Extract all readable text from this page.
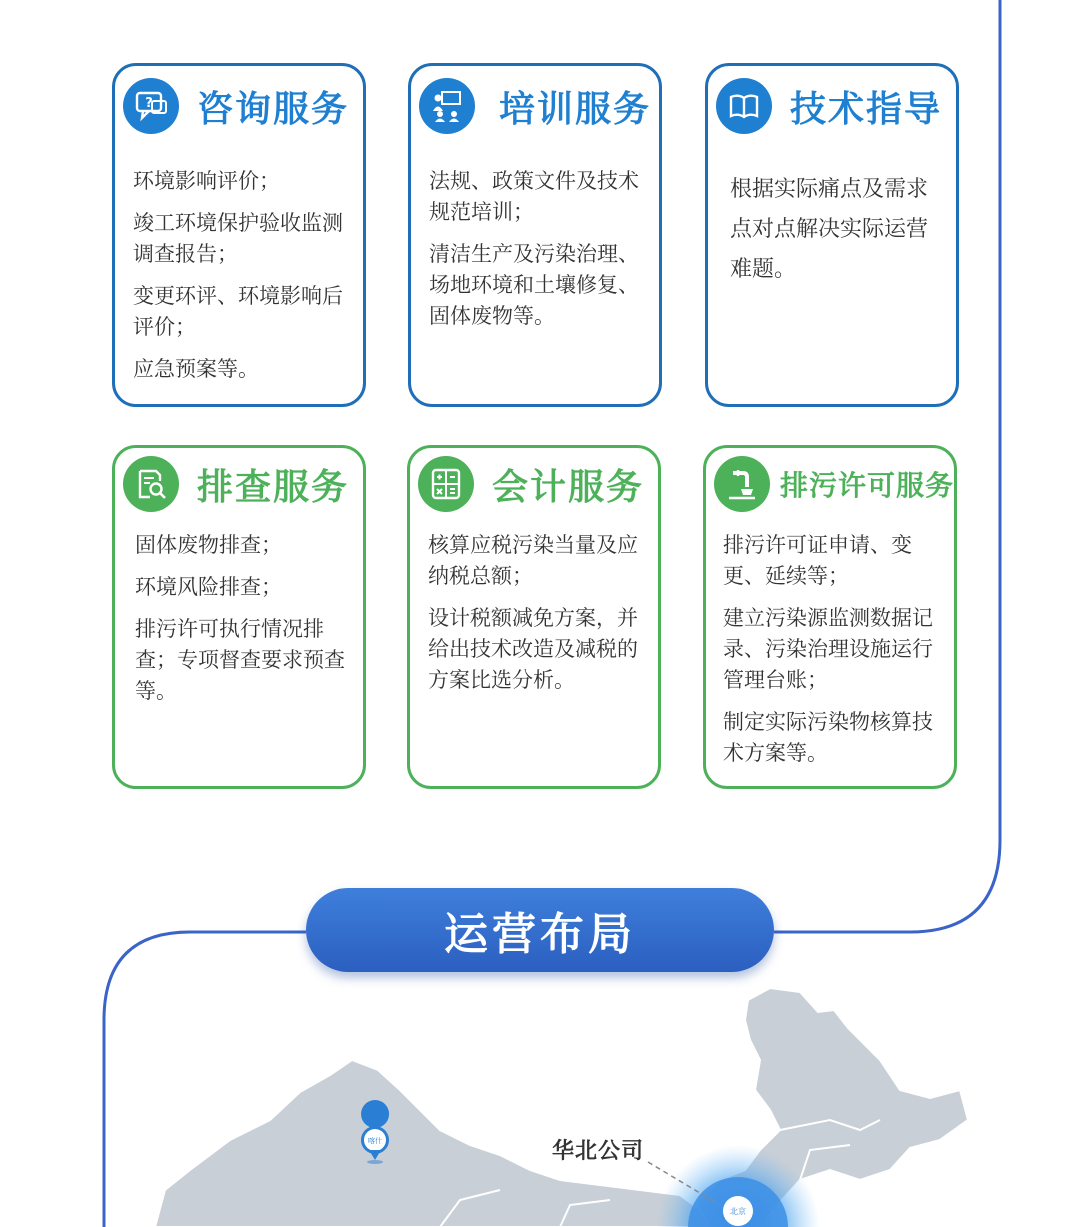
? 咨询服务

环境影响评价；

竣工环境保护验收监测调查报告；

变更环评、环境影响后评价；

应急预案等。

培训服务

法规、政策文件及技术规范培训；

清洁生产及污染治理、场地环境和土壤修复、固体废物等。

技术指导

根据实际痛点及需求点对点解决实际运营难题。

排查服务

固体废物排查；

环境风险排查；

排污许可执行情况排查；专项督查要求预查等。

会计服务

核算应税污染当量及应纳税总额；

设计税额减免方案，并给出技术改造及减税的方案比选分析。

排污许可服务

排污许可证申请、变更、延续等；

建立污染源监测数据记录、污染治理设施运行管理台账；

制定实际污染物核算技术方案等。

运营布局
喀什
北京
华北公司
